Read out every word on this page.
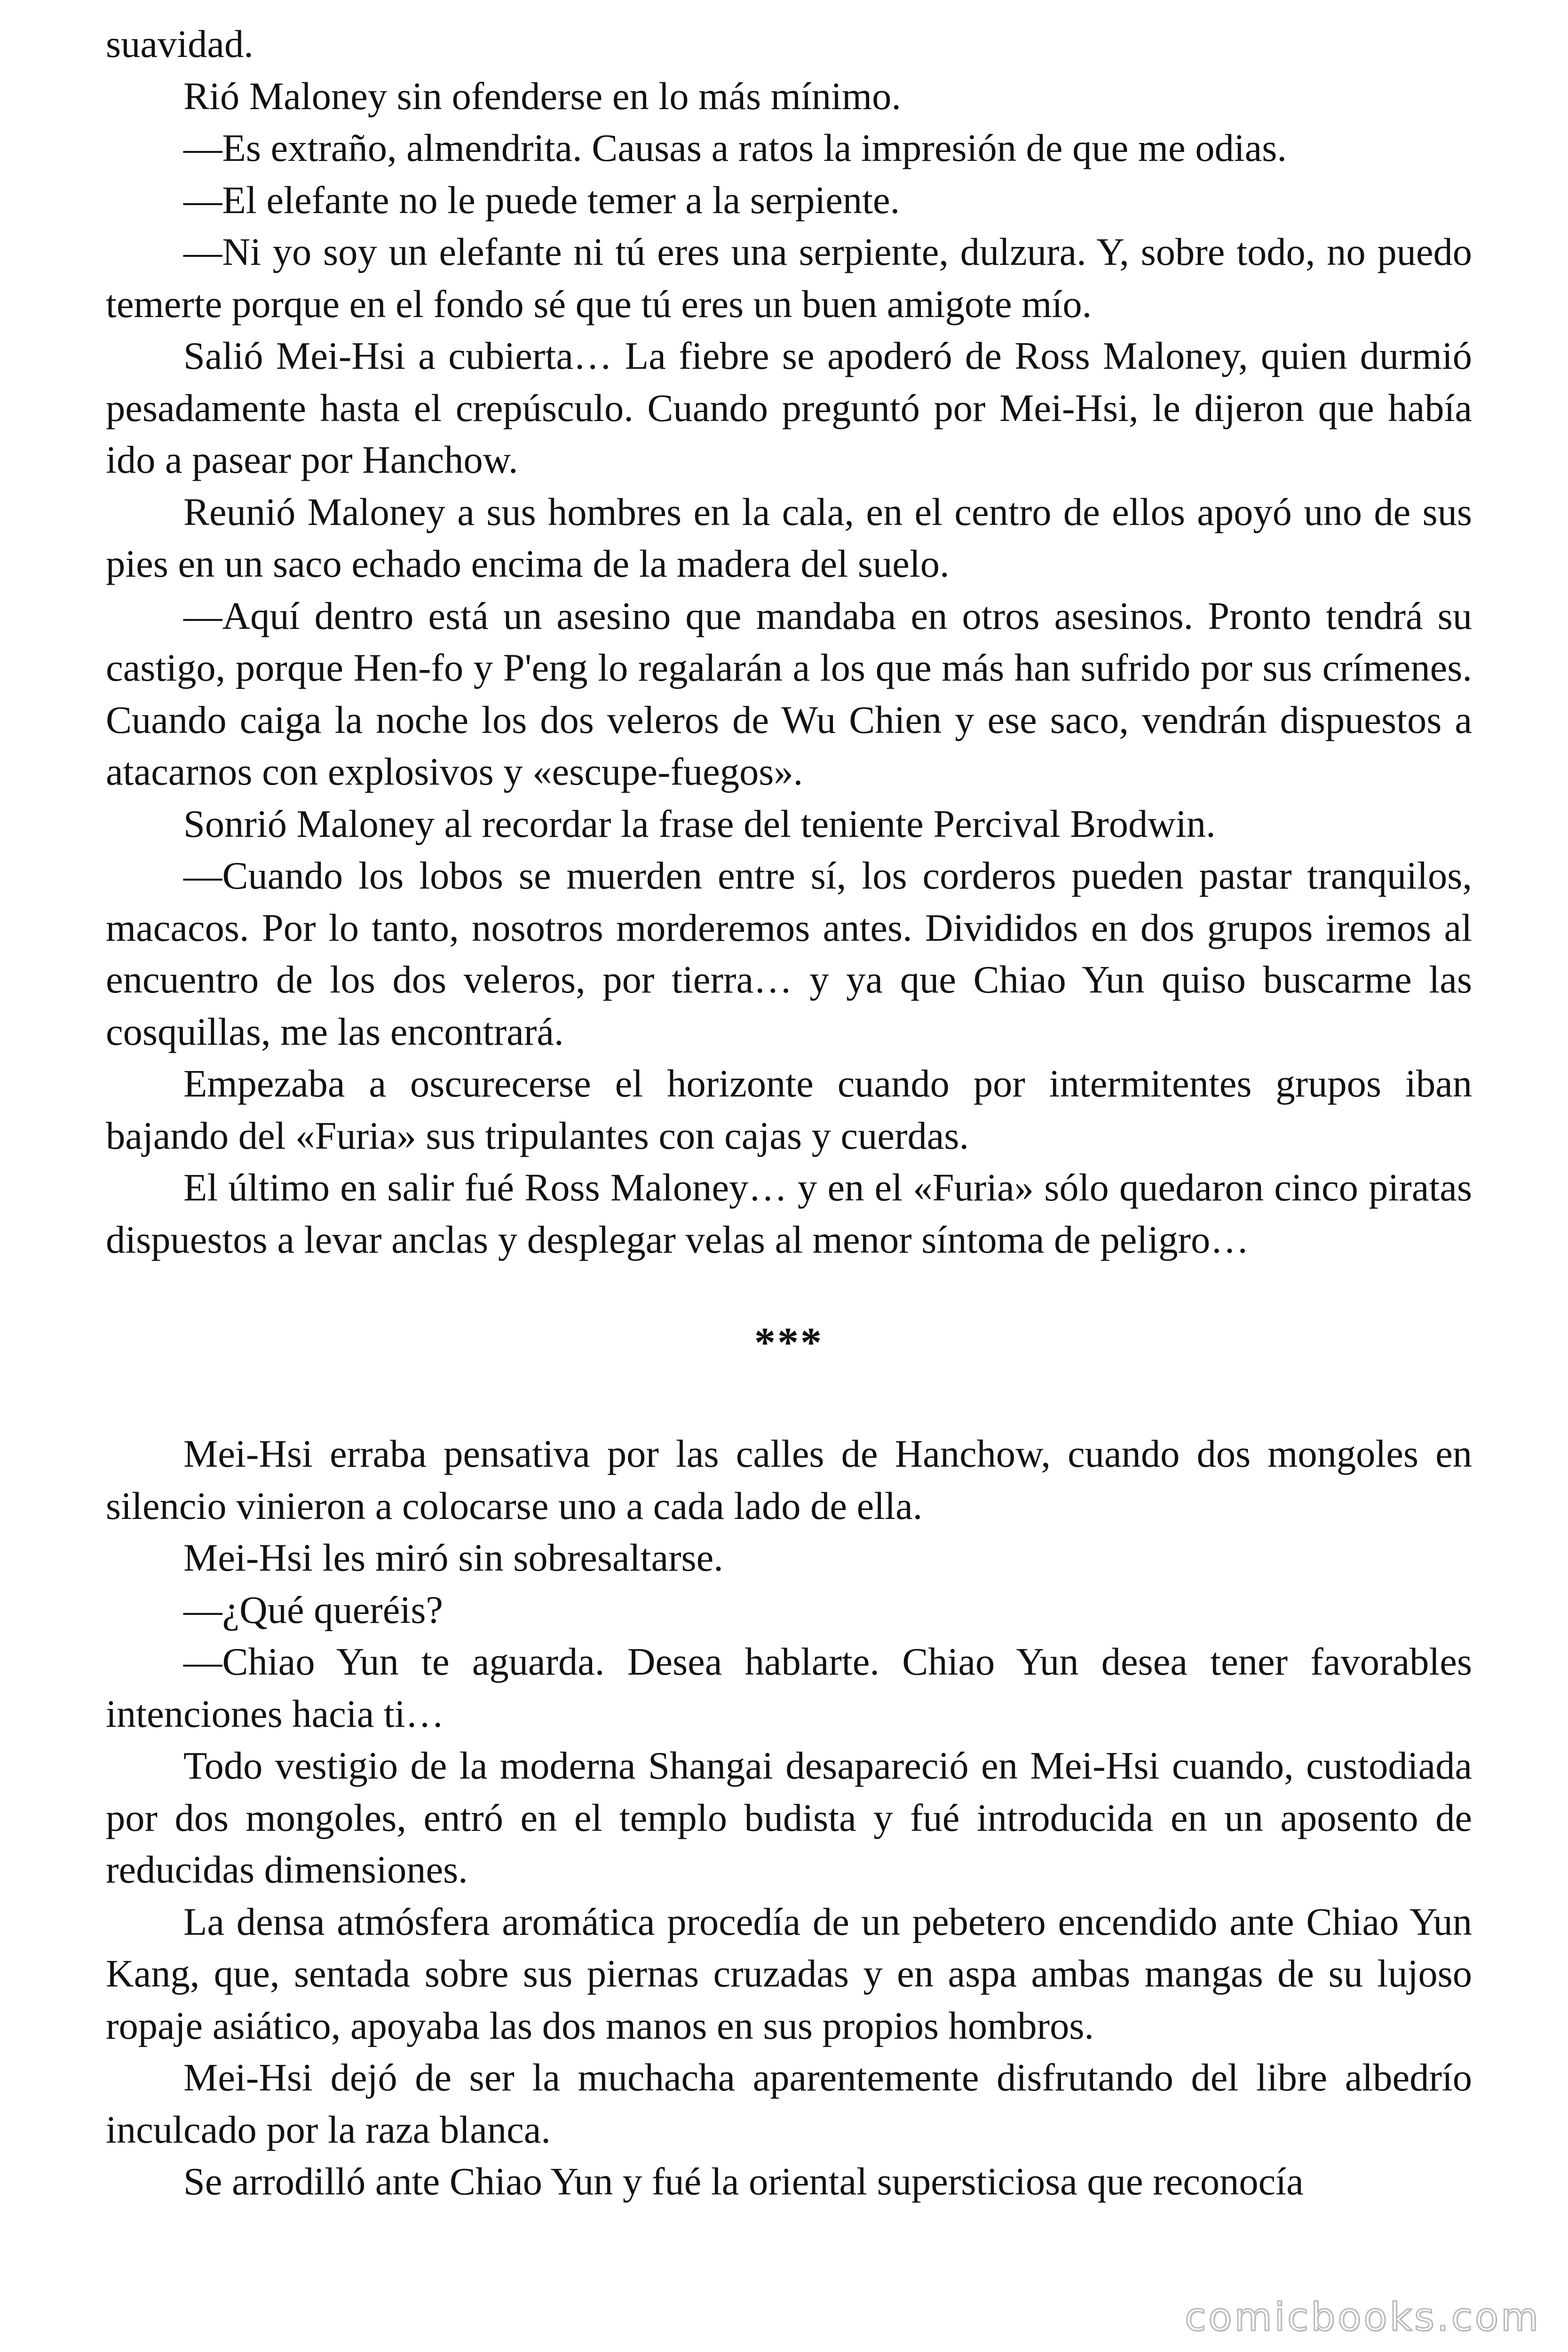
suavidad.

Rió Maloney sin ofenderse en lo más mínimo.

—Es extraño, almendrita. Causas a ratos la impresión de que me odias.

—El elefante no le puede temer a la serpiente.

—Ni yo soy un elefante ni tú eres una serpiente, dulzura. Y, sobre todo, no puedo temerte porque en el fondo sé que tú eres un buen amigote mío.

Salió Mei-Hsi a cubierta… La fiebre se apoderó de Ross Maloney, quien durmió pesadamente hasta el crepúsculo. Cuando preguntó por Mei-Hsi, le dijeron que había ido a pasear por Hanchow.

Reunió Maloney a sus hombres en la cala, en el centro de ellos apoyó uno de sus pies en un saco echado encima de la madera del suelo.

—Aquí dentro está un asesino que mandaba en otros asesinos. Pronto tendrá su castigo, porque Hen-fo y P'eng lo regalarán a los que más han sufrido por sus crímenes. Cuando caiga la noche los dos veleros de Wu Chien y ese saco, vendrán dispuestos a atacarnos con explosivos y «escupe-fuegos».

Sonrió Maloney al recordar la frase del teniente Percival Brodwin.

—Cuando los lobos se muerden entre sí, los corderos pueden pastar tranquilos, macacos. Por lo tanto, nosotros morderemos antes. Divididos en dos grupos iremos al encuentro de los dos veleros, por tierra… y ya que Chiao Yun quiso buscarme las cosquillas, me las encontrará.

Empezaba a oscurecerse el horizonte cuando por intermitentes grupos iban bajando del «Furia» sus tripulantes con cajas y cuerdas.

El último en salir fué Ross Maloney… y en el «Furia» sólo quedaron cinco piratas dispuestos a levar anclas y desplegar velas al menor síntoma de peligro…

***

Mei-Hsi erraba pensativa por las calles de Hanchow, cuando dos mongoles en silencio vinieron a colocarse uno a cada lado de ella.

Mei-Hsi les miró sin sobresaltarse.

—¿Qué queréis?

—Chiao Yun te aguarda. Desea hablarte. Chiao Yun desea tener favorables intenciones hacia ti…

Todo vestigio de la moderna Shangai desapareció en Mei-Hsi cuando, custodiada por dos mongoles, entró en el templo budista y fué introducida en un aposento de reducidas dimensiones.

La densa atmósfera aromática procedía de un pebetero encendido ante Chiao Yun Kang, que, sentada sobre sus piernas cruzadas y en aspa ambas mangas de su lujoso ropaje asiático, apoyaba las dos manos en sus propios hombros.

Mei-Hsi dejó de ser la muchacha aparentemente disfrutando del libre albedrío inculcado por la raza blanca.

Se arrodilló ante Chiao Yun y fué la oriental supersticiosa que reconocía

comicbooks.com
